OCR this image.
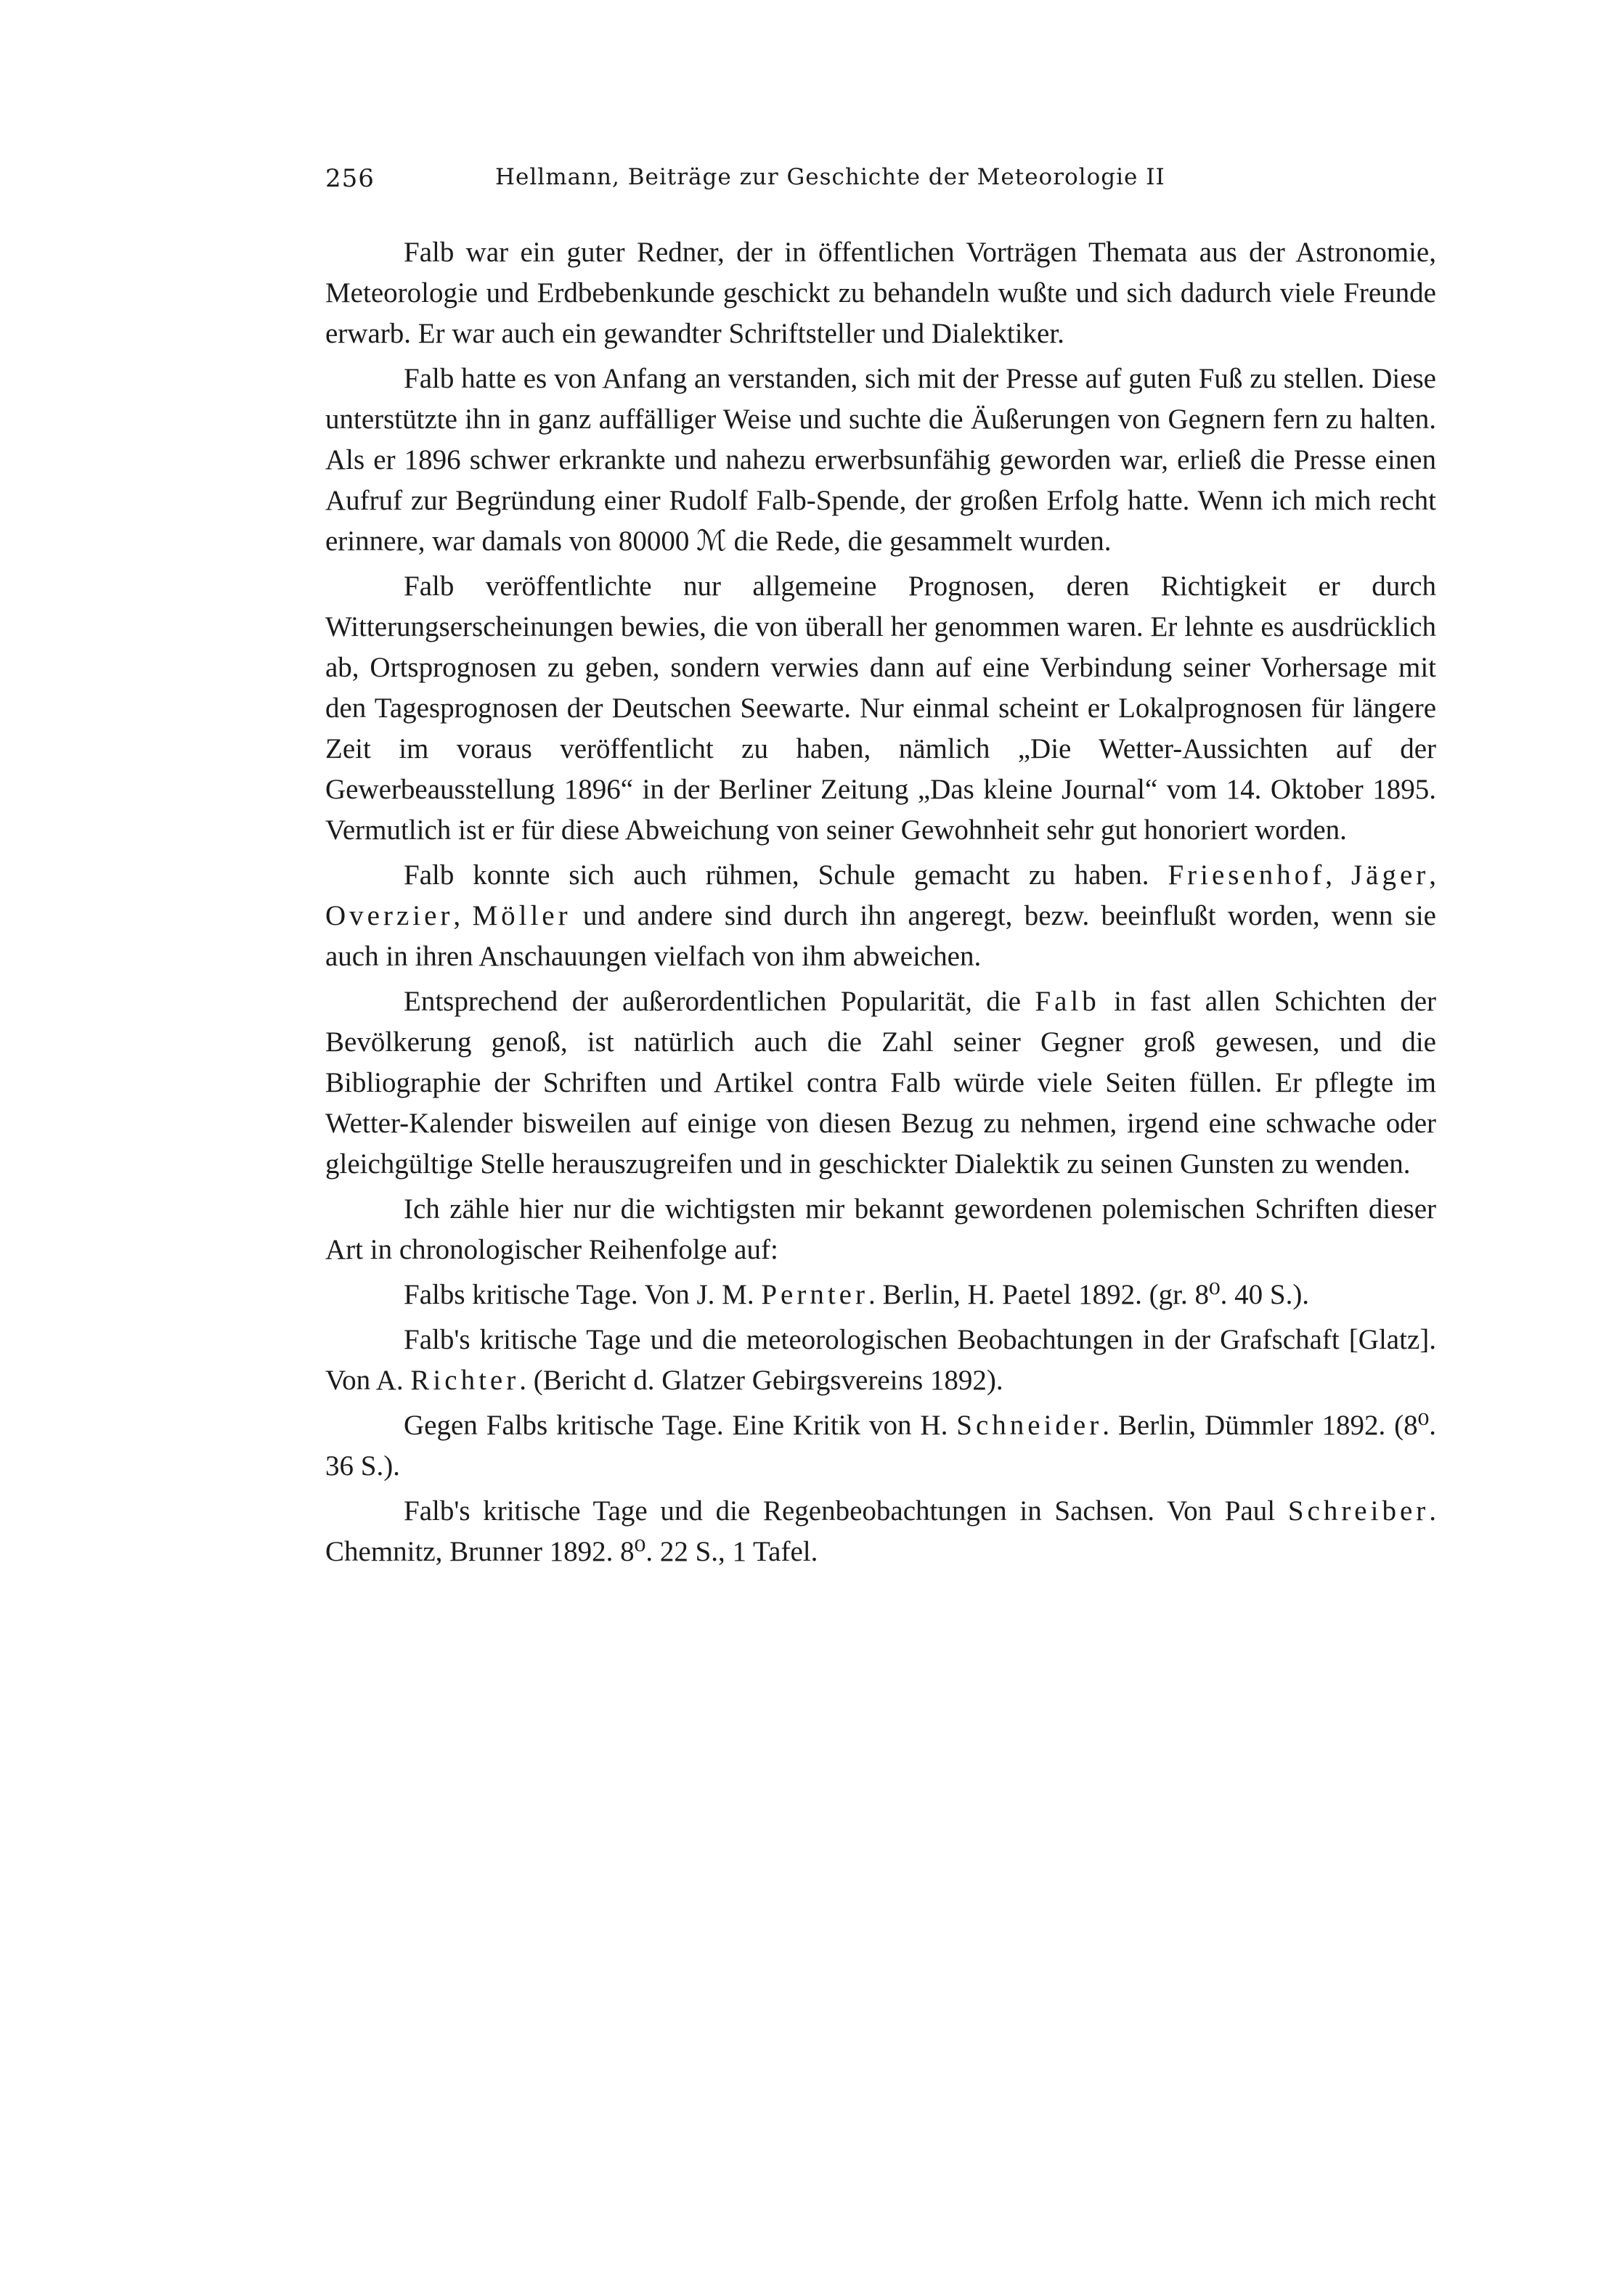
256	Hellmann, Beiträge zur Geschichte der Meteorologie II

Falb war ein guter Redner, der in öffentlichen Vorträgen Themata aus der Astronomie, Meteorologie und Erdbebenkunde geschickt zu behandeln wußte und sich dadurch viele Freunde erwarb. Er war auch ein gewandter Schriftsteller und Dialektiker.

Falb hatte es von Anfang an verstanden, sich mit der Presse auf guten Fuß zu stellen. Diese unterstützte ihn in ganz auffälliger Weise und suchte die Äußerungen von Gegnern fern zu halten. Als er 1896 schwer erkrankte und nahezu erwerbsunfähig geworden war, erließ die Presse einen Aufruf zur Begründung einer Rudolf Falb-Spende, der großen Erfolg hatte. Wenn ich mich recht erinnere, war damals von 80000 ℳ die Rede, die gesammelt wurden.

Falb veröffentlichte nur allgemeine Prognosen, deren Richtigkeit er durch Witterungserscheinungen bewies, die von überall her genommen waren. Er lehnte es ausdrücklich ab, Ortsprognosen zu geben, sondern verwies dann auf eine Verbindung seiner Vorhersage mit den Tagesprognosen der Deutschen Seewarte. Nur einmal scheint er Lokalprognosen für längere Zeit im voraus veröffentlicht zu haben, nämlich „Die Wetter-Aussichten auf der Gewerbeausstellung 1896“ in der Berliner Zeitung „Das kleine Journal“ vom 14. Oktober 1895. Vermutlich ist er für diese Abweichung von seiner Gewohnheit sehr gut honoriert worden.

Falb konnte sich auch rühmen, Schule gemacht zu haben. Friesenhof, Jäger, Overzier, Möller und andere sind durch ihn angeregt, bezw. beeinflußt worden, wenn sie auch in ihren Anschauungen vielfach von ihm abweichen.

Entsprechend der außerordentlichen Popularität, die Falb in fast allen Schichten der Bevölkerung genoß, ist natürlich auch die Zahl seiner Gegner groß gewesen, und die Bibliographie der Schriften und Artikel contra Falb würde viele Seiten füllen. Er pflegte im Wetter-Kalender bisweilen auf einige von diesen Bezug zu nehmen, irgend eine schwache oder gleichgültige Stelle herauszugreifen und in geschickter Dialektik zu seinen Gunsten zu wenden.

Ich zähle hier nur die wichtigsten mir bekannt gewordenen polemischen Schriften dieser Art in chronologischer Reihenfolge auf:

Falbs kritische Tage. Von J. M. Pernter. Berlin, H. Paetel 1892. (gr. 8⁰. 40 S.).

Falb's kritische Tage und die meteorologischen Beobachtungen in der Grafschaft [Glatz]. Von A. Richter. (Bericht d. Glatzer Gebirgsvereins 1892).

Gegen Falbs kritische Tage. Eine Kritik von H. Schneider. Berlin, Dümmler 1892. (8⁰. 36 S.).

Falb's kritische Tage und die Regenbeobachtungen in Sachsen. Von Paul Schreiber. Chemnitz, Brunner 1892. 8⁰. 22 S., 1 Tafel.
